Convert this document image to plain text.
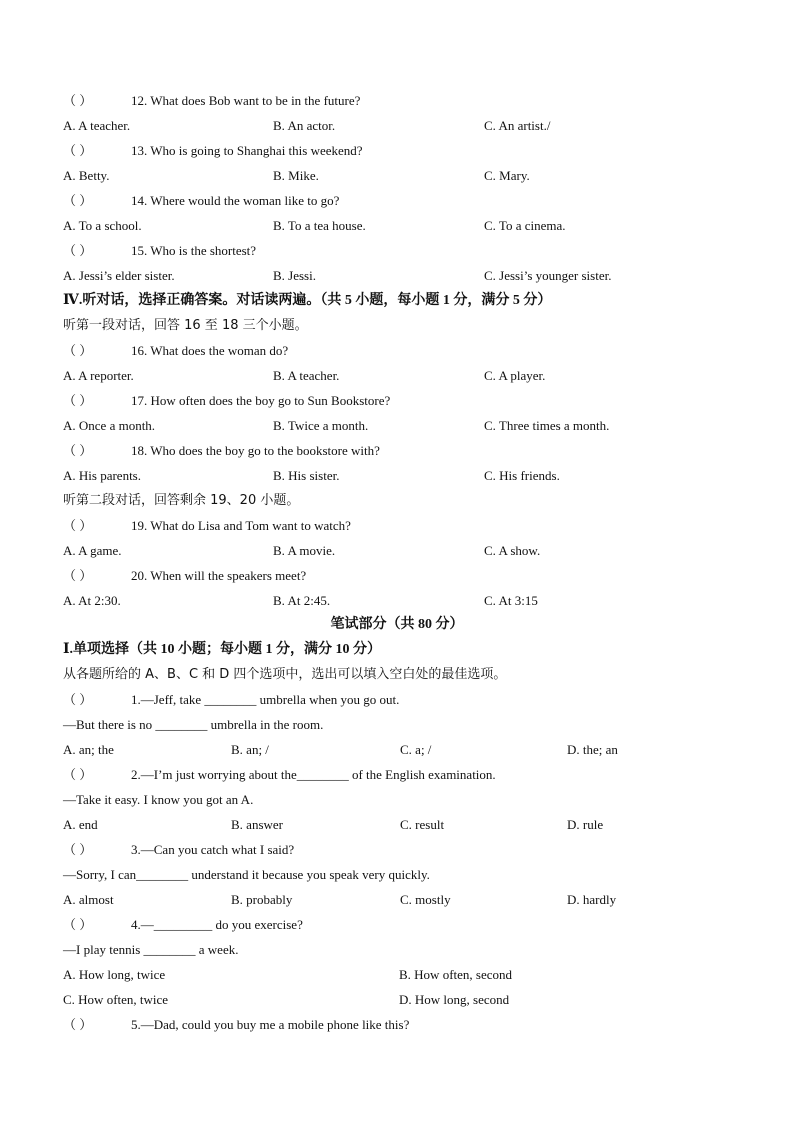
（ ）	12. What does Bob want to be in the future?
A. A teacher.	B. An actor.	C. An artist./
（ ）	13. Who is going to Shanghai this weekend?
A. Betty.	B. Mike.	C. Mary.
（ ）	14. Where would the woman like to go?
A. To a school.	B. To a tea house.	C. To a cinema.
（ ）	15. Who is the shortest?
A. Jessi’s elder sister.	B. Jessi.	C. Jessi’s younger sister.
Ⅳ.听对话，选择正确答案。对话读两遍。（共 5 小题，每小题 1 分，满分 5 分）
听第一段对话，回答 16 至 18 三个小题。
（ ）	16. What does the woman do?
A. A reporter.	B. A teacher.	C. A player.
（ ）	17. How often does the boy go to Sun Bookstore?
A. Once a month.	B. Twice a month.	C. Three times a month.
（ ）	18. Who does the boy go to the bookstore with?
A. His parents.	B. His sister.	C. His friends.
听第二段对话，回答剩余 19、20 小题。
（ ）	19. What do Lisa and Tom want to watch?
A. A game.	B. A movie.	C. A show.
（ ）	20. When will the speakers meet?
A. At 2:30.	B. At 2:45.	C. At 3:15
笔试部分（共 80 分）
Ⅰ.单项选择（共 10 小题；每小题 1 分，满分 10 分）
从各题所给的 A、B、C 和 D 四个选项中，选出可以填入空白处的最佳选项。
（ ）	1.—Jeff, take ________ umbrella when you go out.
—But there is no ________ umbrella in the room.
A. an; the	B. an; /	C. a; /	D. the; an
（ ）	2.—I’m just worrying about the________ of the English examination.
—Take it easy. I know you got an A.
A. end	B. answer	C. result	D. rule
（ ）	3.—Can you catch what I said?
—Sorry, I can________ understand it because you speak very quickly.
A. almost	B. probably	C. mostly	D. hardly
（ ）	4.—_________ do you exercise?
—I play tennis ________ a week.
A. How long, twice	B. How often, second
C. How often, twice	D. How long, second
（ ）	5.—Dad, could you buy me a mobile phone like this?
